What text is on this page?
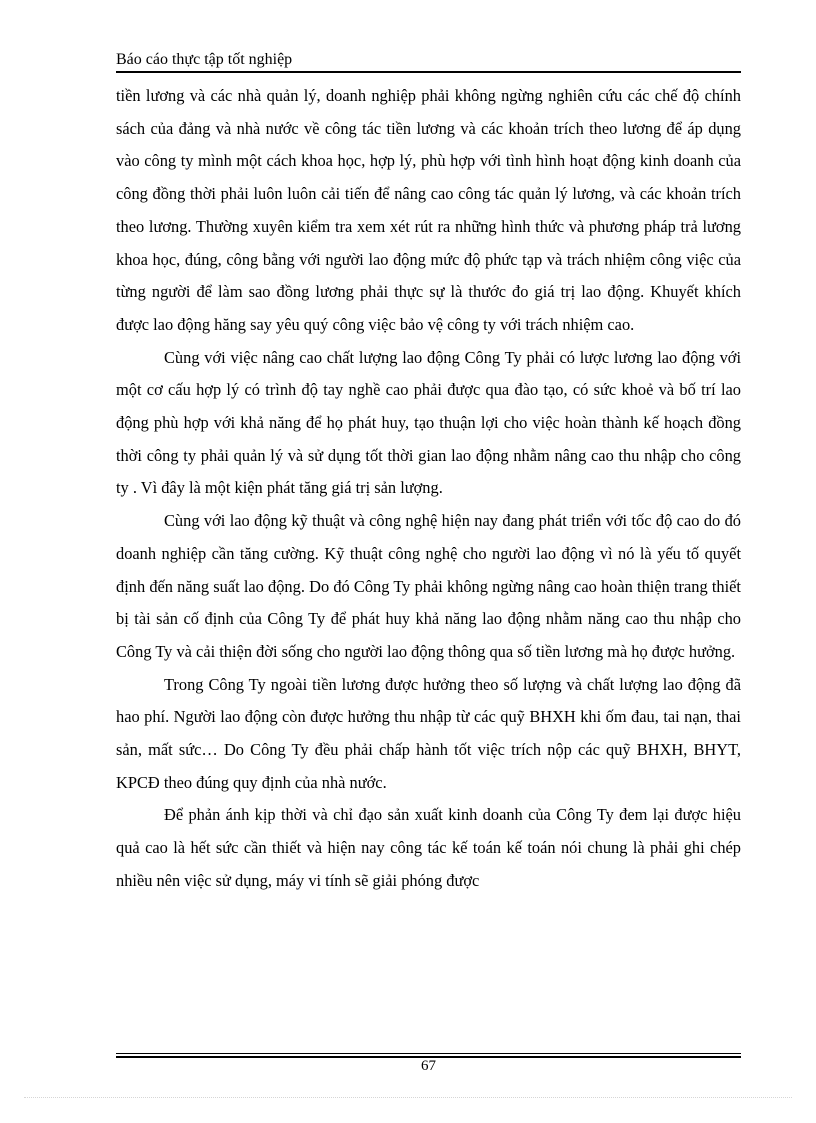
Báo cáo thực tập tốt nghiệp

tiền lương và các nhà quản lý, doanh nghiệp phải không ngừng nghiên cứu các chế độ chính sách của đảng và nhà nước về công tác tiền lương và các khoản trích theo lương để áp dụng vào công ty mình một cách khoa học, hợp lý, phù hợp với tình hình hoạt động kinh doanh của công đồng thời phải luôn luôn cải tiến để nâng cao công tác quản lý lương, và các khoản trích theo lương. Thường xuyên kiểm tra xem xét rút ra những hình thức và phương pháp trả lương khoa học, đúng, công bằng với người lao động mức độ phức tạp và trách nhiệm công việc của từng người để làm sao đồng lương phải thực sự là thước đo giá trị lao động. Khuyết khích được lao động hăng say yêu quý công việc bảo vệ công ty với trách nhiệm cao.

Cùng với việc nâng cao chất lượng lao động Công Ty phải có lược lương lao động với một cơ cấu hợp lý có trình độ tay nghề cao phải được qua đào tạo, có sức khoẻ và bố trí lao động phù hợp với khả năng để họ phát huy, tạo thuận lợi cho việc hoàn thành kế hoạch đồng thời công ty phải quản lý và sử dụng tốt thời gian lao động nhằm nâng cao thu nhập cho công ty . Vì đây là một kiện phát tăng giá trị sản lượng.

Cùng với lao động kỹ thuật và công nghệ hiện nay đang phát triển với tốc độ cao do đó doanh nghiệp cần tăng cường. Kỹ thuật công nghệ cho người lao động vì nó là yếu tố quyết định đến năng suất lao động. Do đó Công Ty phải không ngừng nâng cao hoàn thiện trang thiết bị tài sản cố định của Công Ty để phát huy khả năng lao động nhằm năng cao thu nhập cho Công Ty và cải thiện đời sống cho người lao động thông qua số tiền lương mà họ được hưởng.

Trong Công Ty ngoài tiền lương được hưởng theo số lượng và chất lượng lao động đã hao phí. Người lao động còn được hưởng thu nhập từ các quỹ BHXH khi ốm đau, tai nạn, thai sản, mất sức… Do Công Ty đều phải chấp hành tốt việc trích nộp các quỹ BHXH, BHYT, KPCĐ theo đúng quy định của nhà nước.

Để phản ánh kịp thời và chỉ đạo sản xuất kinh doanh của Công Ty đem lại được hiệu quả cao là hết sức cần thiết và hiện nay công tác kế toán kế toán nói chung là phải ghi chép nhiều nên việc sử dụng, máy vi tính sẽ giải phóng được

67
